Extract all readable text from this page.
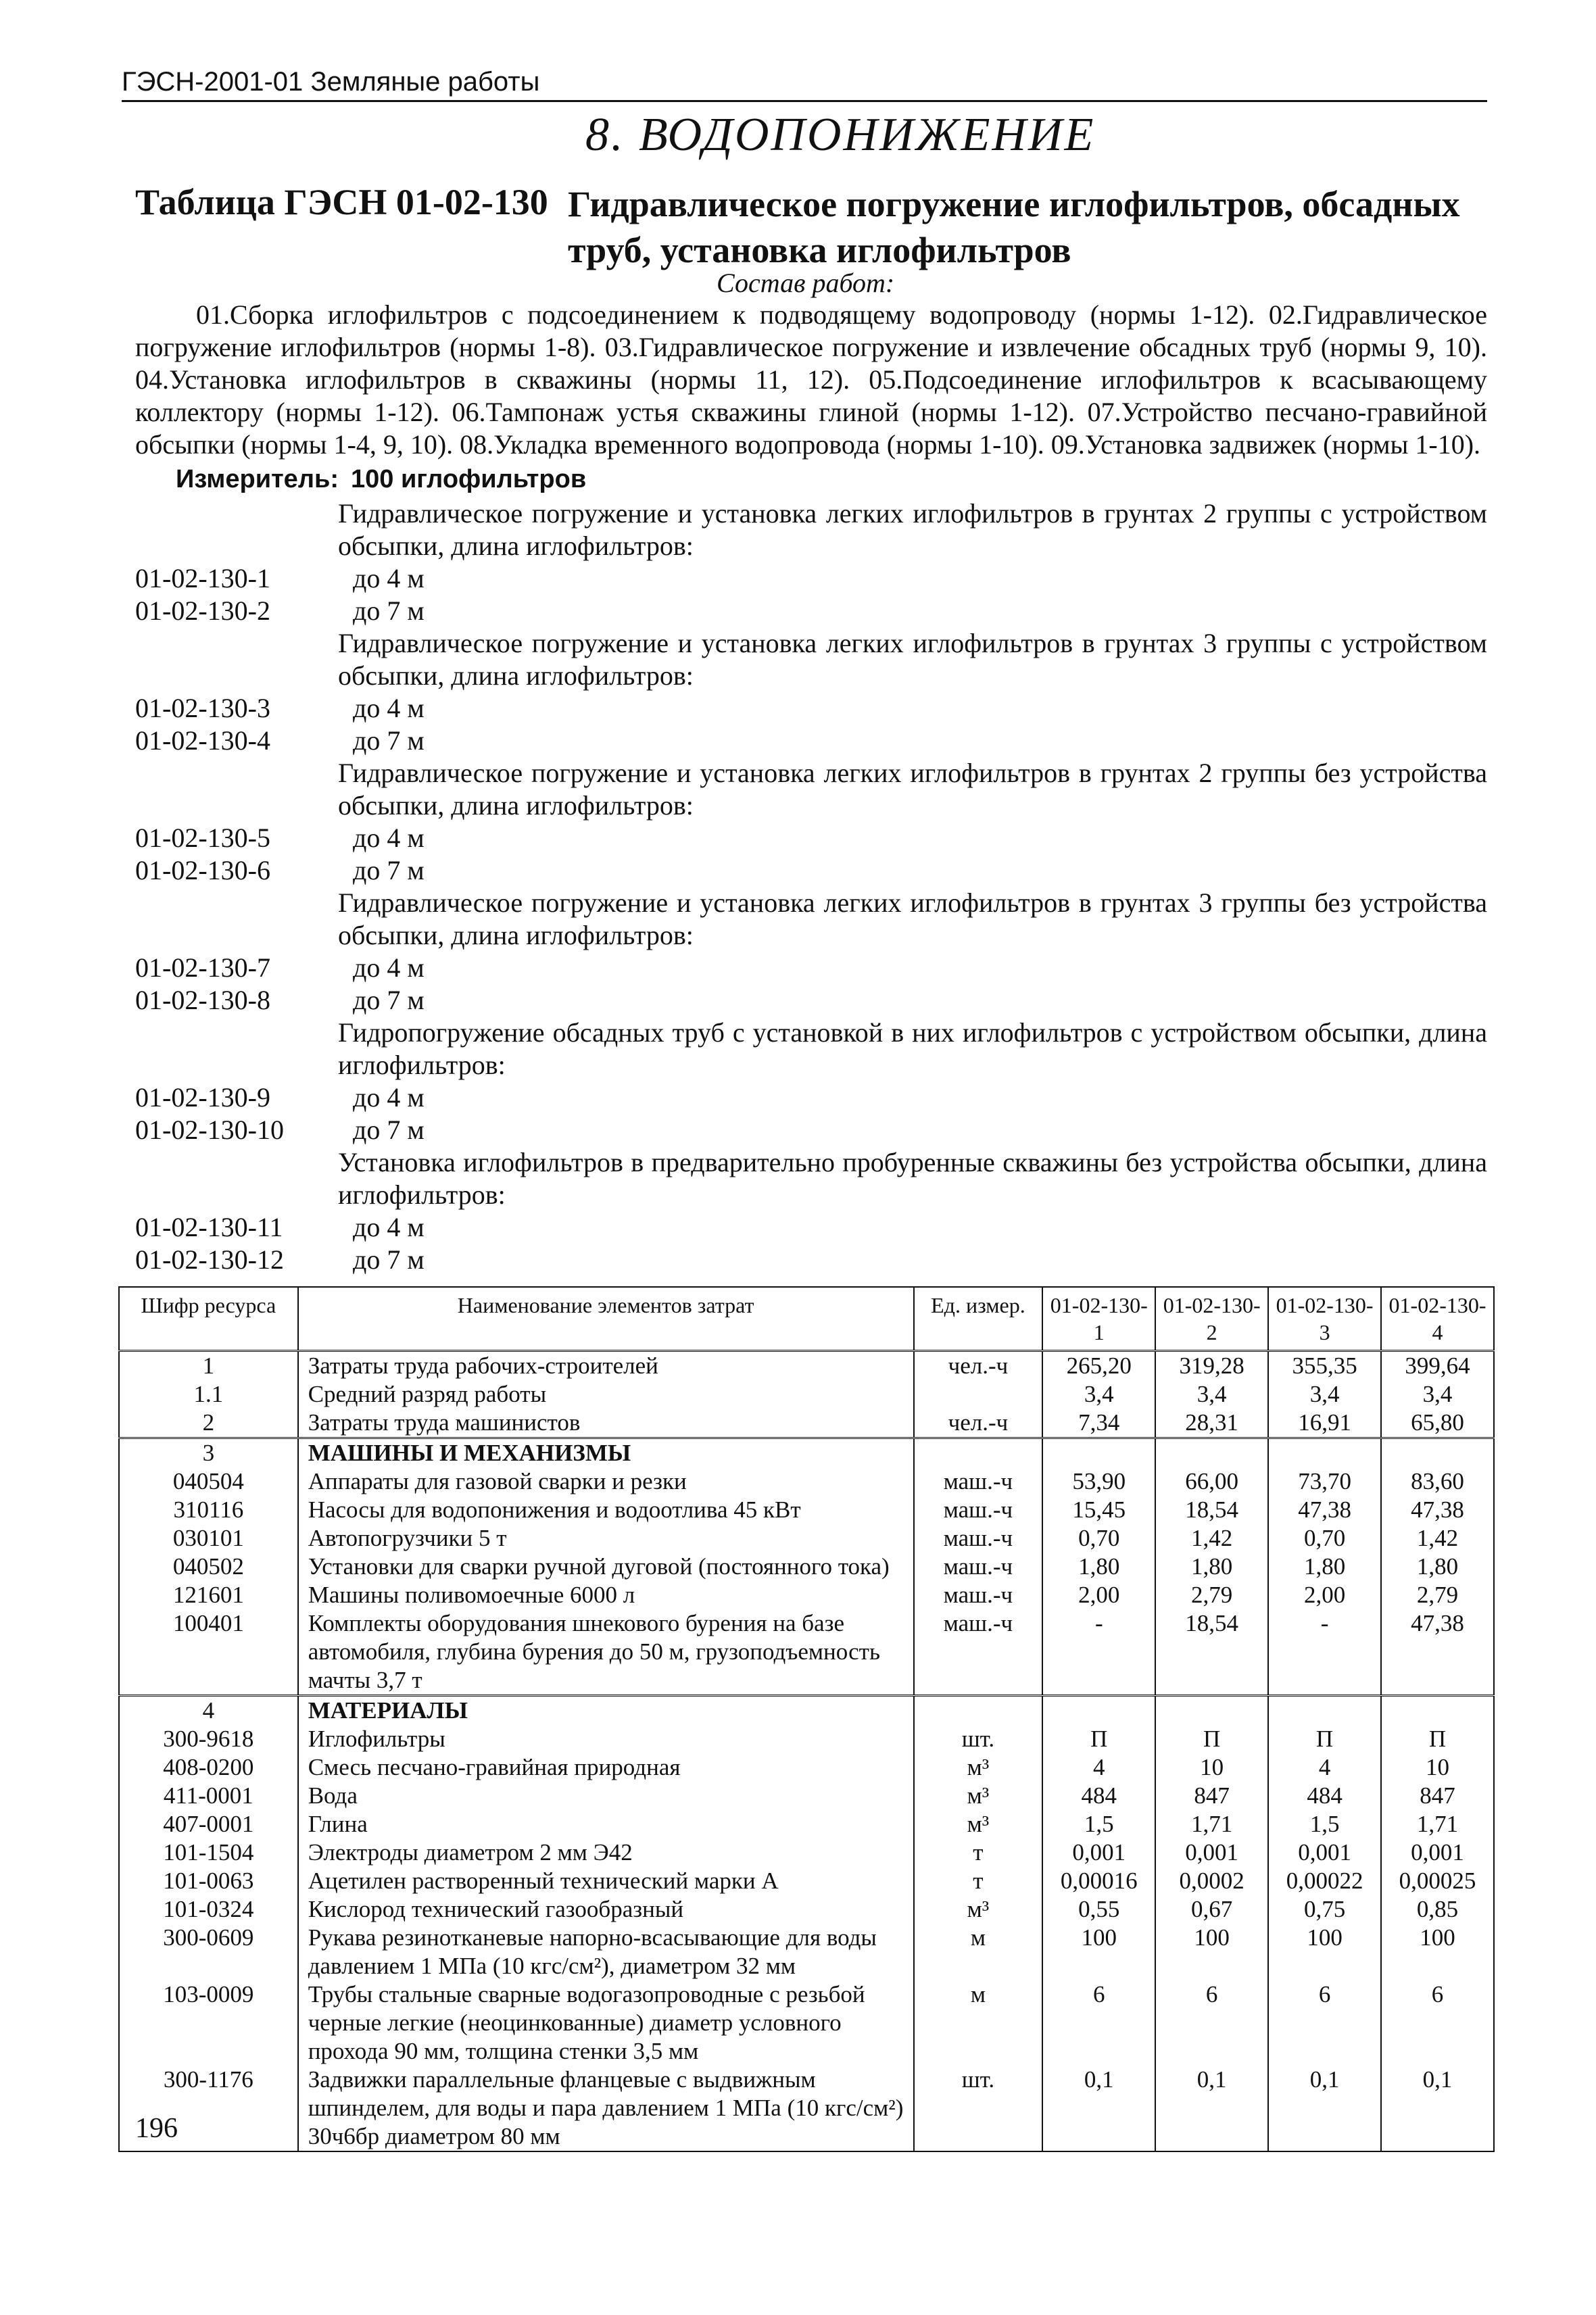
ГЭСН-2001-01 Земляные работы
8. ВОДОПОНИЖЕНИЕ
Таблица ГЭСН 01-02-130 Гидравлическое погружение иглофильтров, обсадных труб, установка иглофильтров
Состав работ:
01.Сборка иглофильтров с подсоединением к подводящему водопроводу (нормы 1-12). 02.Гидравлическое погружение иглофильтров (нормы 1-8). 03.Гидравлическое погружение и извлечение обсадных труб (нормы 9, 10). 04.Установка иглофильтров в скважины (нормы 11, 12). 05.Подсоединение иглофильтров к всасывающему коллектору (нормы 1-12). 06.Тампонаж устья скважины глиной (нормы 1-12). 07.Устройство песчано-гравийной обсыпки (нормы 1-4, 9, 10). 08.Укладка временного водопровода (нормы 1-10). 09.Установка задвижек (нормы 1-10).
Измеритель: 100 иглофильтров
Гидравлическое погружение и установка легких иглофильтров в грунтах 2 группы с устройством обсыпки, длина иглофильтров:
01-02-130-1	до 4 м
01-02-130-2	до 7 м
Гидравлическое погружение и установка легких иглофильтров в грунтах 3 группы с устройством обсыпки, длина иглофильтров:
01-02-130-3	до 4 м
01-02-130-4	до 7 м
Гидравлическое погружение и установка легких иглофильтров в грунтах 2 группы без устройства обсыпки, длина иглофильтров:
01-02-130-5	до 4 м
01-02-130-6	до 7 м
Гидравлическое погружение и установка легких иглофильтров в грунтах 3 группы без устройства обсыпки, длина иглофильтров:
01-02-130-7	до 4 м
01-02-130-8	до 7 м
Гидропогружение обсадных труб с установкой в них иглофильтров с устройством обсыпки, длина иглофильтров:
01-02-130-9	до 4 м
01-02-130-10	до 7 м
Установка иглофильтров в предварительно пробуренные скважины без устройства обсыпки, длина иглофильтров:
01-02-130-11	до 4 м
01-02-130-12	до 7 м
Шифр ресурса	Наименование элементов затрат	Ед. измер.	01-02-130-1	01-02-130-2	01-02-130-3	01-02-130-4
1	Затраты труда рабочих-строителей	чел.-ч	265,20	319,28	355,35	399,64
1.1	Средний разряд работы		3,4	3,4	3,4	3,4
2	Затраты труда машинистов	чел.-ч	7,34	28,31	16,91	65,80
3	МАШИНЫ И МЕХАНИЗМЫ					
040504	Аппараты для газовой сварки и резки	маш.-ч	53,90	66,00	73,70	83,60
310116	Насосы для водопонижения и водоотлива 45 кВт	маш.-ч	15,45	18,54	47,38	47,38
030101	Автопогрузчики 5 т	маш.-ч	0,70	1,42	0,70	1,42
040502	Установки для сварки ручной дуговой (постоянного тока)	маш.-ч	1,80	1,80	1,80	1,80
121601	Машины поливомоечные 6000 л	маш.-ч	2,00	2,79	2,00	2,79
100401	Комплекты оборудования шнекового бурения на базе автомобиля, глубина бурения до 50 м, грузоподъемность мачты 3,7 т	маш.-ч	-	18,54	-	47,38
4	МАТЕРИАЛЫ					
300-9618	Иглофильтры	шт.	П	П	П	П
408-0200	Смесь песчано-гравийная природная	м³	4	10	4	10
411-0001	Вода	м³	484	847	484	847
407-0001	Глина	м³	1,5	1,71	1,5	1,71
101-1504	Электроды диаметром 2 мм Э42	т	0,001	0,001	0,001	0,001
101-0063	Ацетилен растворенный технический марки А	т	0,00016	0,0002	0,00022	0,00025
101-0324	Кислород технический газообразный	м³	0,55	0,67	0,75	0,85
300-0609	Рукава резинотканевые напорно-всасывающие для воды давлением 1 МПа (10 кгс/см²), диаметром 32 мм	м	100	100	100	100
103-0009	Трубы стальные сварные водогазопроводные с резьбой черные легкие (неоцинкованные) диаметр условного прохода 90 мм, толщина стенки 3,5 мм	м	6	6	6	6
300-1176	Задвижки параллельные фланцевые с выдвижным шпинделем, для воды и пара давлением 1 МПа (10 кгс/см²) 30ч6бр диаметром 80 мм	шт.	0,1	0,1	0,1	0,1
196
